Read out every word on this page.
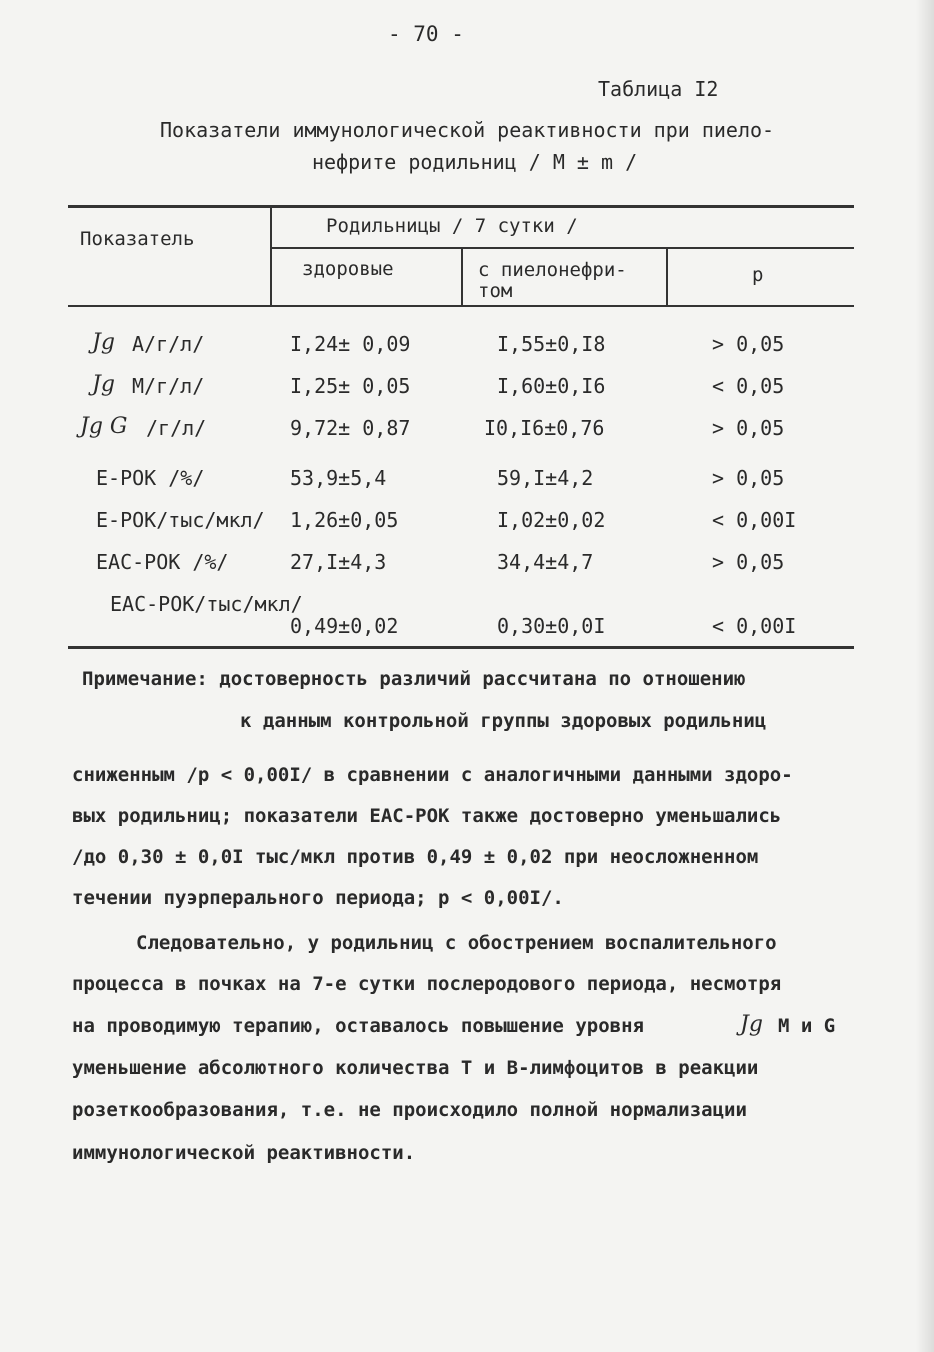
- 70 -
Таблица I2
Показатели иммунологической реактивности при пиело-
нефрите родильниц / М ± m /
Показатель
Родильницы / 7 сутки /
здоровые	с пиелонефри-
том
р
Jg А/г/л/	I,24± 0,09	I,55±0,I8	> 0,05
Jg М/г/л/	I,25± 0,05	I,60±0,I6	< 0,05
Jg G /г/л/	9,72± 0,87	I0,I6±0,76	> 0,05
Е-РОК /%/	53,9±5,4	59,I±4,2	> 0,05
Е-РОК/тыс/мкл/ 1,26±0,05	I,02±0,02	< 0,00I
ЕАС-РОК /%/	27,I±4,3	34,4±4,7	> 0,05
ЕАС-РОК/тыс/мкл/
0,49±0,02	0,30±0,0I	< 0,00I
Примечание: достоверность различий рассчитана по отношению
к данным контрольной группы здоровых родильниц
сниженным /р < 0,00I/ в сравнении с аналогичными данными здоро-
вых родильниц; показатели ЕАС-РОК также достоверно уменьшались
/до 0,30 ± 0,0I тыс/мкл против 0,49 ± 0,02 при неосложненном
течении пуэрперального периода; р < 0,00I/.
Следовательно, у родильниц с обострением воспалительного
процесса в почках на 7-е сутки послеродового периода, несмотря
на проводимую терапию, оставалось повышение уровня	Jg М и G
уменьшение абсолютного количества Т и В-лимфоцитов в реакции
розеткообразования, т.е. не происходило полной нормализации
иммунологической реактивности.
